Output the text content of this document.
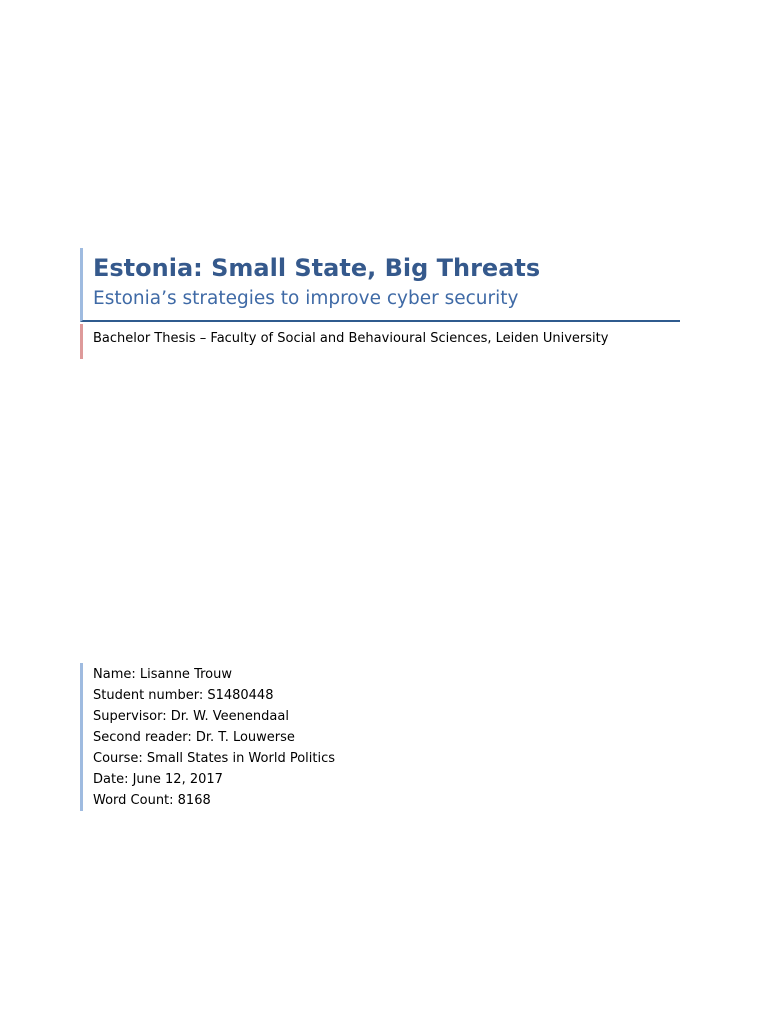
Estonia: Small State, Big Threats
Estonia’s strategies to improve cyber security
Bachelor Thesis – Faculty of Social and Behavioural Sciences, Leiden University
Name: Lisanne Trouw
Student number: S1480448
Supervisor: Dr. W. Veenendaal
Second reader: Dr. T. Louwerse
Course: Small States in World Politics
Date: June 12, 2017
Word Count: 8168
